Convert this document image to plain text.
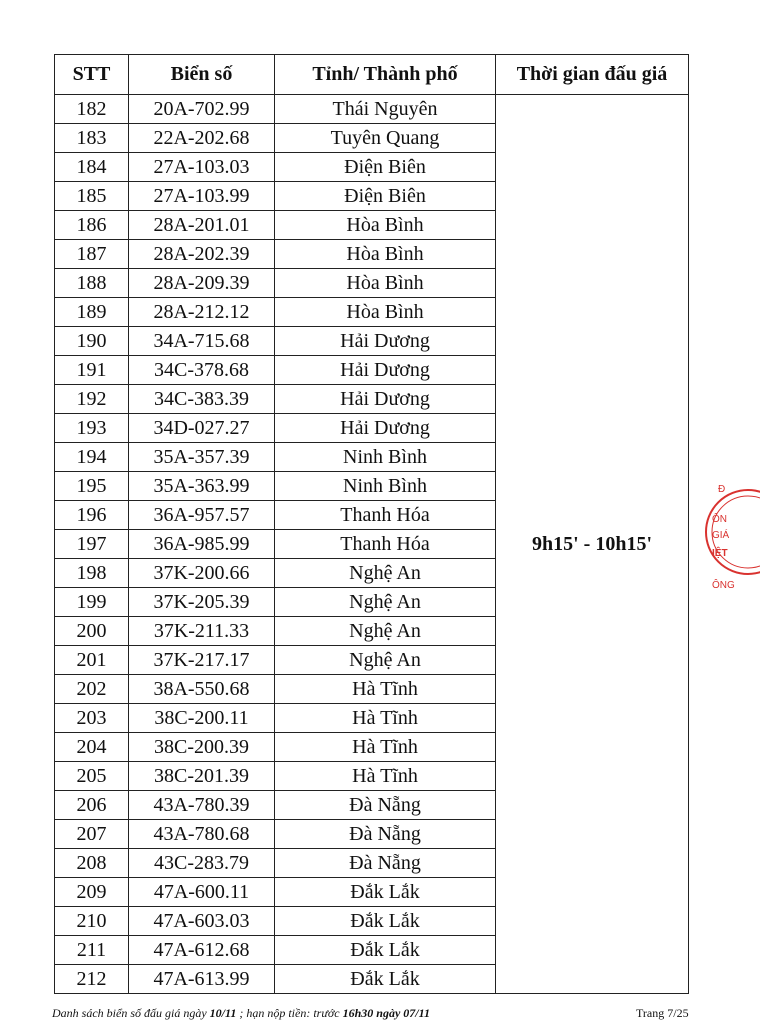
STT	Biển số	Tỉnh/ Thành phố	Thời gian đấu giá
182	20A-702.99	Thái Nguyên	9h15' - 10h15'
183	22A-202.68	Tuyên Quang	
184	27A-103.03	Điện Biên	
185	27A-103.99	Điện Biên	
186	28A-201.01	Hòa Bình	
187	28A-202.39	Hòa Bình	
188	28A-209.39	Hòa Bình	
189	28A-212.12	Hòa Bình	
190	34A-715.68	Hải Dương	
191	34C-378.68	Hải Dương	
192	34C-383.39	Hải Dương	
193	34D-027.27	Hải Dương	
194	35A-357.39	Ninh Bình	
195	35A-363.99	Ninh Bình	
196	36A-957.57	Thanh Hóa	
197	36A-985.99	Thanh Hóa	
198	37K-200.66	Nghệ An	
199	37K-205.39	Nghệ An	
200	37K-211.33	Nghệ An	
201	37K-217.17	Nghệ An	
202	38A-550.68	Hà Tĩnh	
203	38C-200.11	Hà Tĩnh	
204	38C-200.39	Hà Tĩnh	
205	38C-201.39	Hà Tĩnh	
206	43A-780.39	Đà Nẵng	
207	43A-780.68	Đà Nẵng	
208	43C-283.79	Đà Nẵng	
209	47A-600.11	Đắk Lắk	
210	47A-603.03	Đắk Lắk	
211	47A-612.68	Đắk Lắk	
212	47A-613.99	Đắk Lắk	
Danh sách biển số đấu giá ngày 10/11 ; hạn nộp tiền: trước 16h30 ngày 07/11	Trang 7/25
Đ
ÔN
GIÁ
IỆT
ÔNG
